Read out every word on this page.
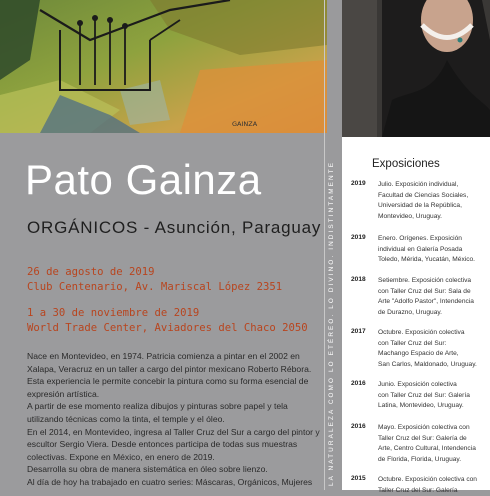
GAINZA
Pato Gainza
ORGÁNICOS - Asunción, Paraguay
26 de agosto de 2019
Club Centenario, Av. Mariscal López 2351
1 a 30 de noviembre de 2019
World Trade Center, Aviadores del Chaco 2050

Nace en Montevideo, en 1974. Patricia comienza a pintar en el 2002 en Xalapa, Veracruz en un taller a cargo del pintor mexicano Roberto Rébora. Esta experiencia le permite concebir la pintura como su forma esencial de expresión artística.

A partir de ese momento realiza dibujos y pinturas sobre papel y tela utilizando técnicas como la tinta, el temple y el óleo.

En el 2014, en Montevideo, ingresa al Taller Cruz del Sur a cargo del pintor y escultor Sergio Viera. Desde entonces participa de todas sus muestras colectivas. Expone en México, en enero de 2019.

Desarrolla su obra de manera sistemática en óleo sobre lienzo.

Al día de hoy ha trabajado en cuatro series: Máscaras, Orgánicos, Mujeres	LA NATURALEZA COMO LO ETÉREO. LO DIVINO. INDISTINTAMENTE	Exposiciones
2019 Julio. Exposición individual,
Facultad de Ciencias Sociales,
Universidad de la República,
Montevideo, Uruguay.
2019 Enero. Orígenes. Exposición
individual en Galería Posada
Toledo, Mérida, Yucatán, México.
2018 Setiembre. Exposición colectiva
con Taller Cruz del Sur: Sala de
Arte "Adolfo Pastor", Intendencia
de Durazno, Uruguay.
2017 Octubre. Exposición colectiva
con Taller Cruz del Sur:
Machango Espacio de Arte,
San Carlos, Maldonado, Uruguay.
2016 Junio. Exposición colectiva
con Taller Cruz del Sur: Galería
Latina, Montevideo, Uruguay.
2016 Mayo. Exposición colectiva con
Taller Cruz del Sur: Galería de
Arte, Centro Cultural, Intendencia
de Florida, Florida, Uruguay.
2015 Octubre. Exposición colectiva con
Taller Cruz del Sur: Galería
